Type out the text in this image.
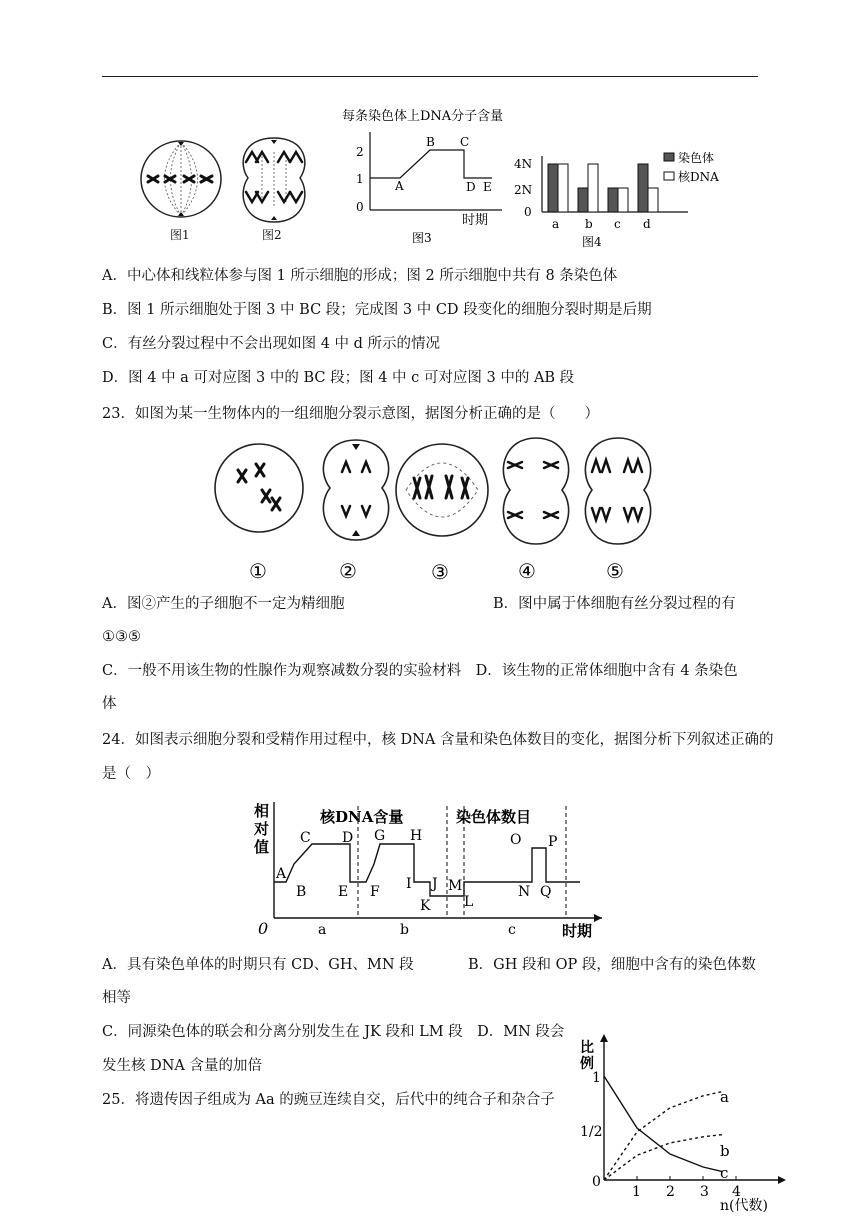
图1	图2
每条染色体上DNA分子含量
2
1
0
A
B C
D E
时期
图3
4N
2N
0
a b c d
染色体
核DNA
图4
A．中心体和线粒体参与图 1 所示细胞的形成；图 2 所示细胞中共有 8 条染色体
B．图 1 所示细胞处于图 3 中 BC 段；完成图 3 中 CD 段变化的细胞分裂时期是后期
C．有丝分裂过程中不会出现如图 4 中 d 所示的情况
D．图 4 中 a 可对应图 3 中的 BC 段；图 4 中 c 可对应图 3 中的 AB 段
23．如图为某一生物体内的一组细胞分裂示意图，据图分析正确的是（　　）
①	②	③	④	⑤
A．图②产生的子细胞不一定为精细胞	B．图中属于体细胞有丝分裂过程的有
①③⑤
C．一般不用该生物的性腺作为观察减数分裂的实验材料　D．该生物的正常体细胞中含有 4 条染色
体
24．如图表示细胞分裂和受精作用过程中，核 DNA 含量和染色体数目的变化，据图分析下列叙述正确的
是（　）
相
对
值
核DNA含量	染色体数目
A
B
C D
E F
G H
I J
K L
M	N
O P
Q
0	a	b	c	时期
A．具有染色单体的时期只有 CD、GH、MN 段	B．GH 段和 OP 段，细胞中含有的染色体数
相等
C．同源染色体的联会和分离分别发生在 JK 段和 LM 段　D．MN 段会
发生核 DNA 含量的加倍
25．将遗传因子组成为 Aa 的豌豆连续自交，后代中的纯合子和杂合子
比
例
1
1/2
0
1 2 3 4
n(代数)
a
b
c
